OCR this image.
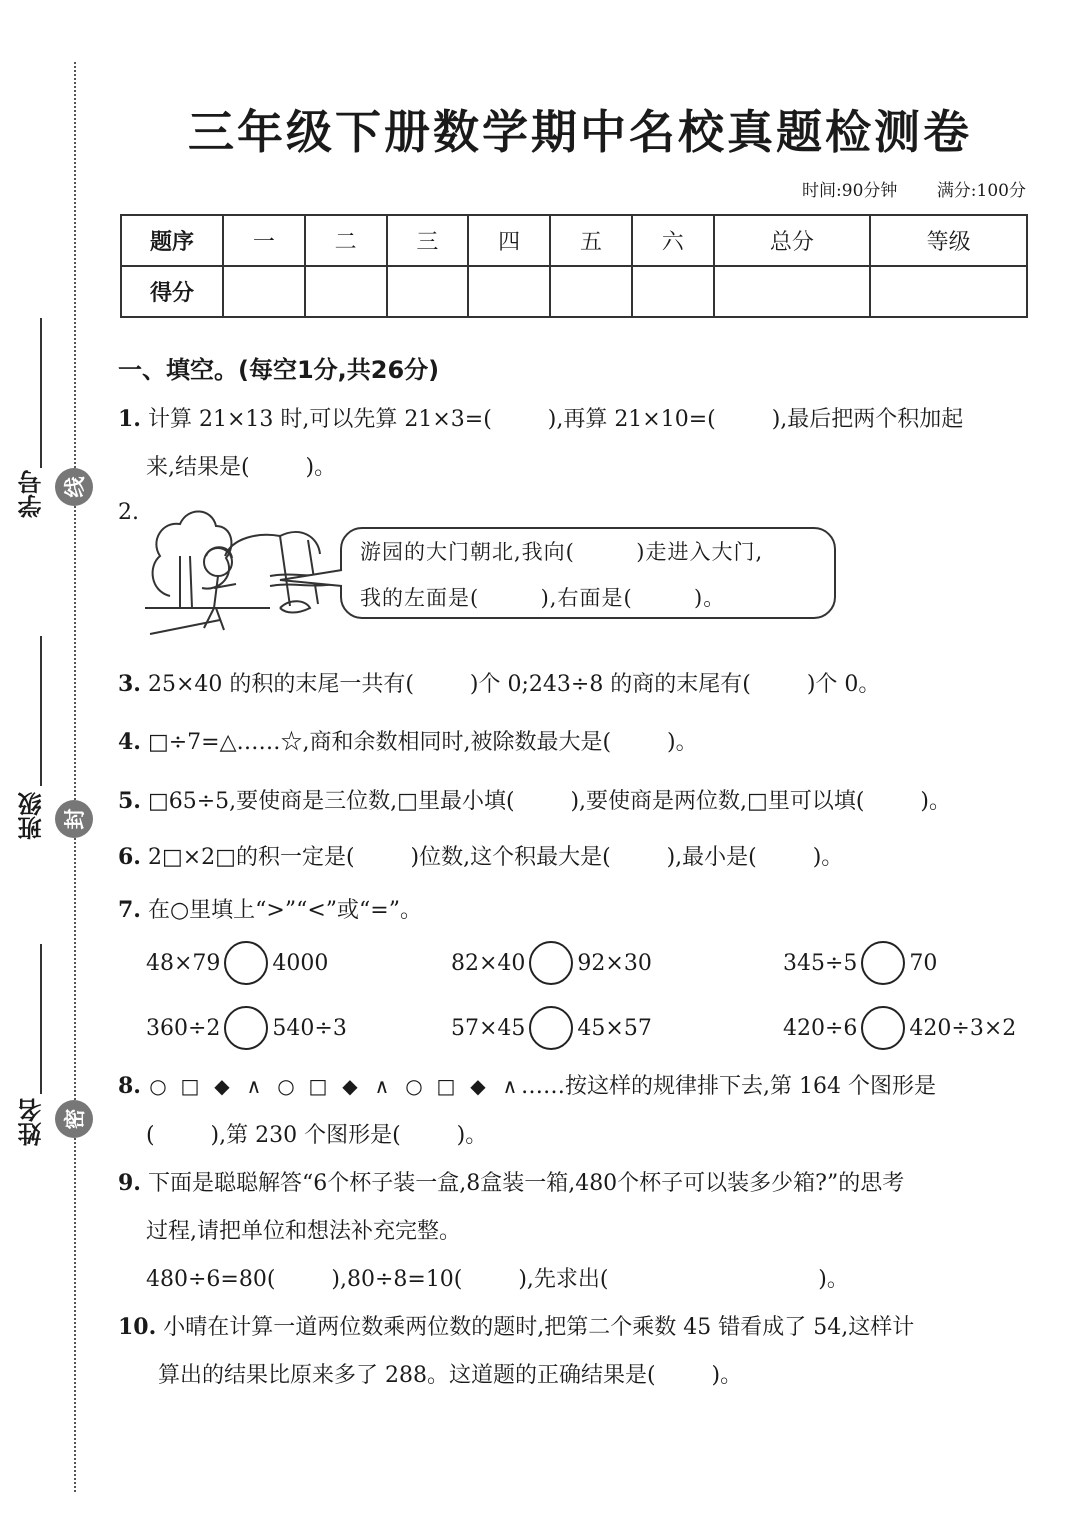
学号 线
班级 封
姓名 密
三年级下册数学期中名校真题检测卷
时间:90分钟 满分:100分
题序	一	二	三	四	五	六	总分	等级
得分								
一、填空。(每空1分,共26分)
1. 计算 21×13 时,可以先算 21×3=(        ),再算 21×10=(        ),最后把两个积加起
来,结果是(        )。
2.
游园的大门朝北,我向(        )走进入大门,
我的左面是(        ),右面是(        )。
3. 25×40 的积的末尾一共有(        )个 0;243÷8 的商的末尾有(        )个 0。
4. □÷7=△……☆,商和余数相同时,被除数最大是(        )。
5. □65÷5,要使商是三位数,□里最小填(        ),要使商是两位数,□里可以填(        )。
6. 2□×2□的积一定是(        )位数,这个积最大是(        ),最小是(        )。
7. 在○里填上“>”“<”或“=”。
48×79 4000	82×40 92×30	345÷5 70
360÷2 540÷3	57×45 45×57	420÷6 420÷3×2
8. ○ □ ◆ ∧ ○ □ ◆ ∧ ○ □ ◆ ∧ ……按这样的规律排下去,第 164 个图形是
(        ),第 230 个图形是(        )。
9. 下面是聪聪解答“6个杯子装一盒,8盒装一箱,480个杯子可以装多少箱?”的思考
过程,请把单位和想法补充完整。
480÷6=80(        ),80÷8=10(        ),先求出(                              )。
10. 小晴在计算一道两位数乘两位数的题时,把第二个乘数 45 错看成了 54,这样计
算出的结果比原来多了 288。这道题的正确结果是(        )。
